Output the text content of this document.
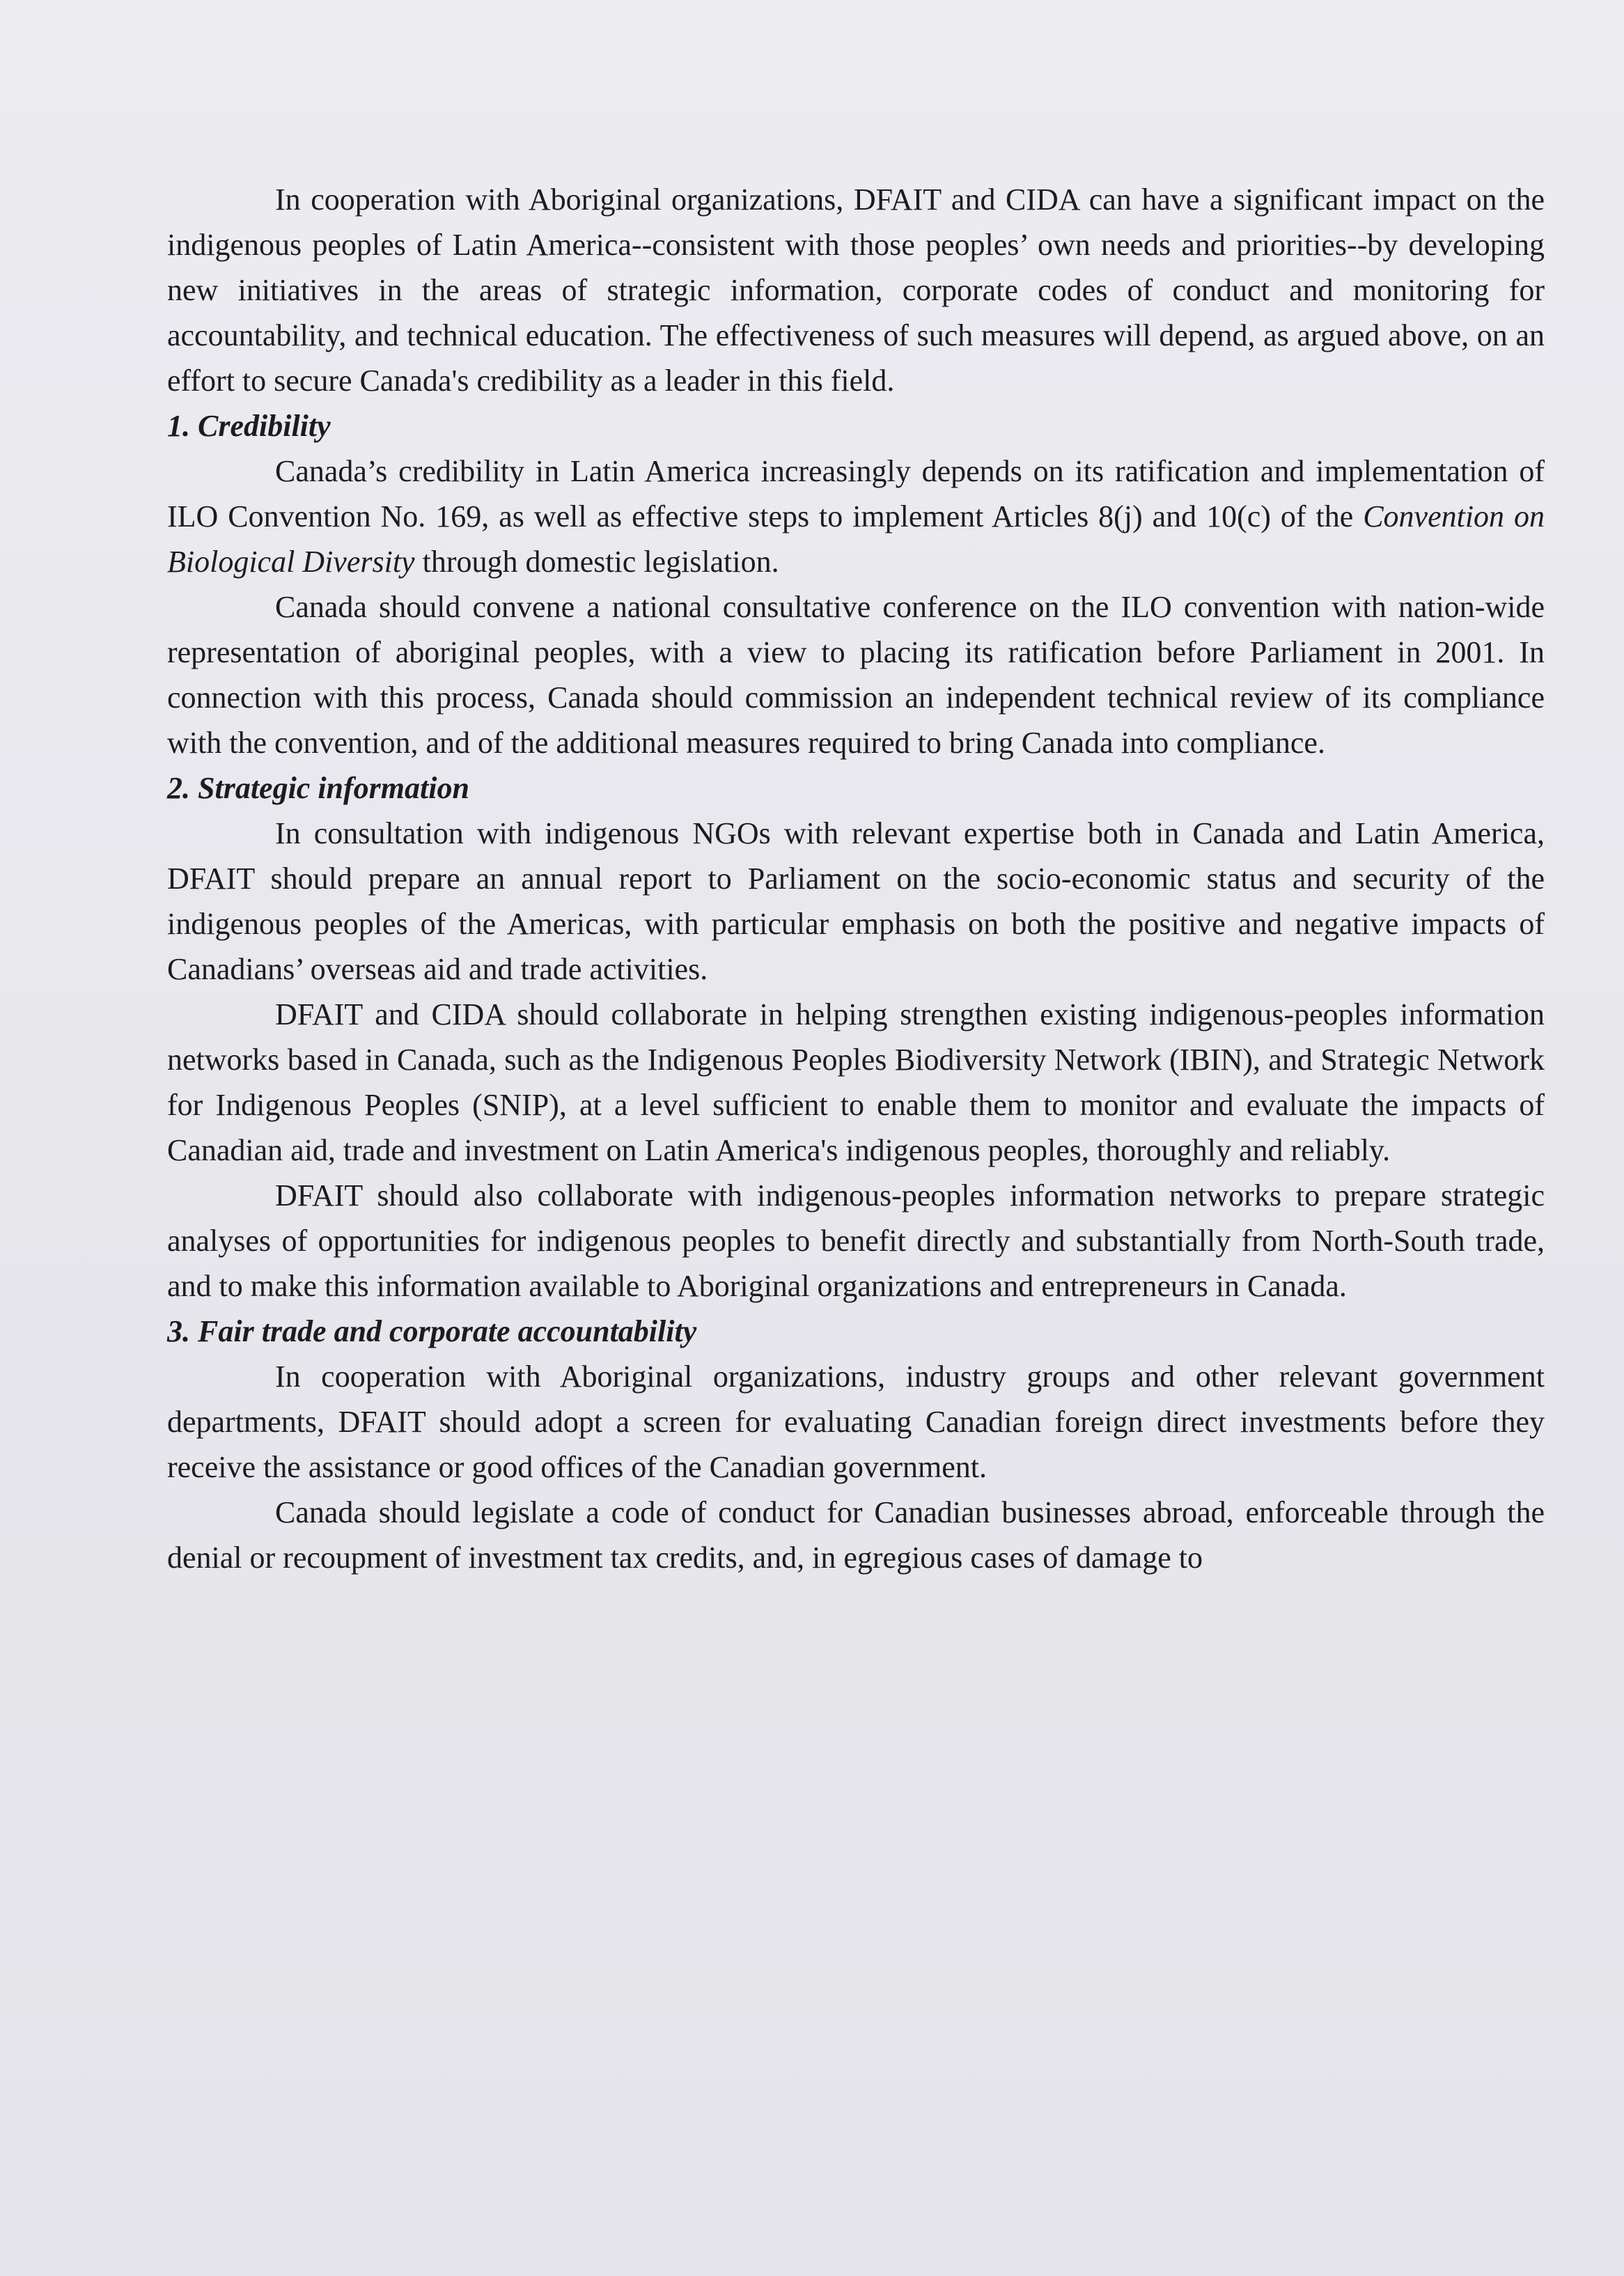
In cooperation with Aboriginal organizations, DFAIT and CIDA can have a significant impact on the indigenous peoples of Latin America--consistent with those peoples’ own needs and priorities--by developing new initiatives in the areas of strategic information, corporate codes of conduct and monitoring for accountability, and technical education. The effectiveness of such measures will depend, as argued above, on an effort to secure Canada's credibility as a leader in this field.

1. Credibility

Canada’s credibility in Latin America increasingly depends on its ratification and implementation of ILO Convention No. 169, as well as effective steps to implement Articles 8(j) and 10(c) of the Convention on Biological Diversity through domestic legislation.

Canada should convene a national consultative conference on the ILO convention with nation-wide representation of aboriginal peoples, with a view to placing its ratification before Parliament in 2001. In connection with this process, Canada should commission an independent technical review of its compliance with the convention, and of the additional measures required to bring Canada into compliance.

2. Strategic information

In consultation with indigenous NGOs with relevant expertise both in Canada and Latin America, DFAIT should prepare an annual report to Parliament on the socio-economic status and security of the indigenous peoples of the Americas, with particular emphasis on both the positive and negative impacts of Canadians’ overseas aid and trade activities.

DFAIT and CIDA should collaborate in helping strengthen existing indigenous-peoples information networks based in Canada, such as the Indigenous Peoples Biodiversity Network (IBIN), and Strategic Network for Indigenous Peoples (SNIP), at a level sufficient to enable them to monitor and evaluate the impacts of Canadian aid, trade and investment on Latin America's indigenous peoples, thoroughly and reliably.

DFAIT should also collaborate with indigenous-peoples information networks to prepare strategic analyses of opportunities for indigenous peoples to benefit directly and substantially from North-South trade, and to make this information available to Aboriginal organizations and entrepreneurs in Canada.

3. Fair trade and corporate accountability

In cooperation with Aboriginal organizations, industry groups and other relevant government departments, DFAIT should adopt a screen for evaluating Canadian foreign direct investments before they receive the assistance or good offices of the Canadian government.

Canada should legislate a code of conduct for Canadian businesses abroad, enforceable through the denial or recoupment of investment tax credits, and, in egregious cases of damage to
